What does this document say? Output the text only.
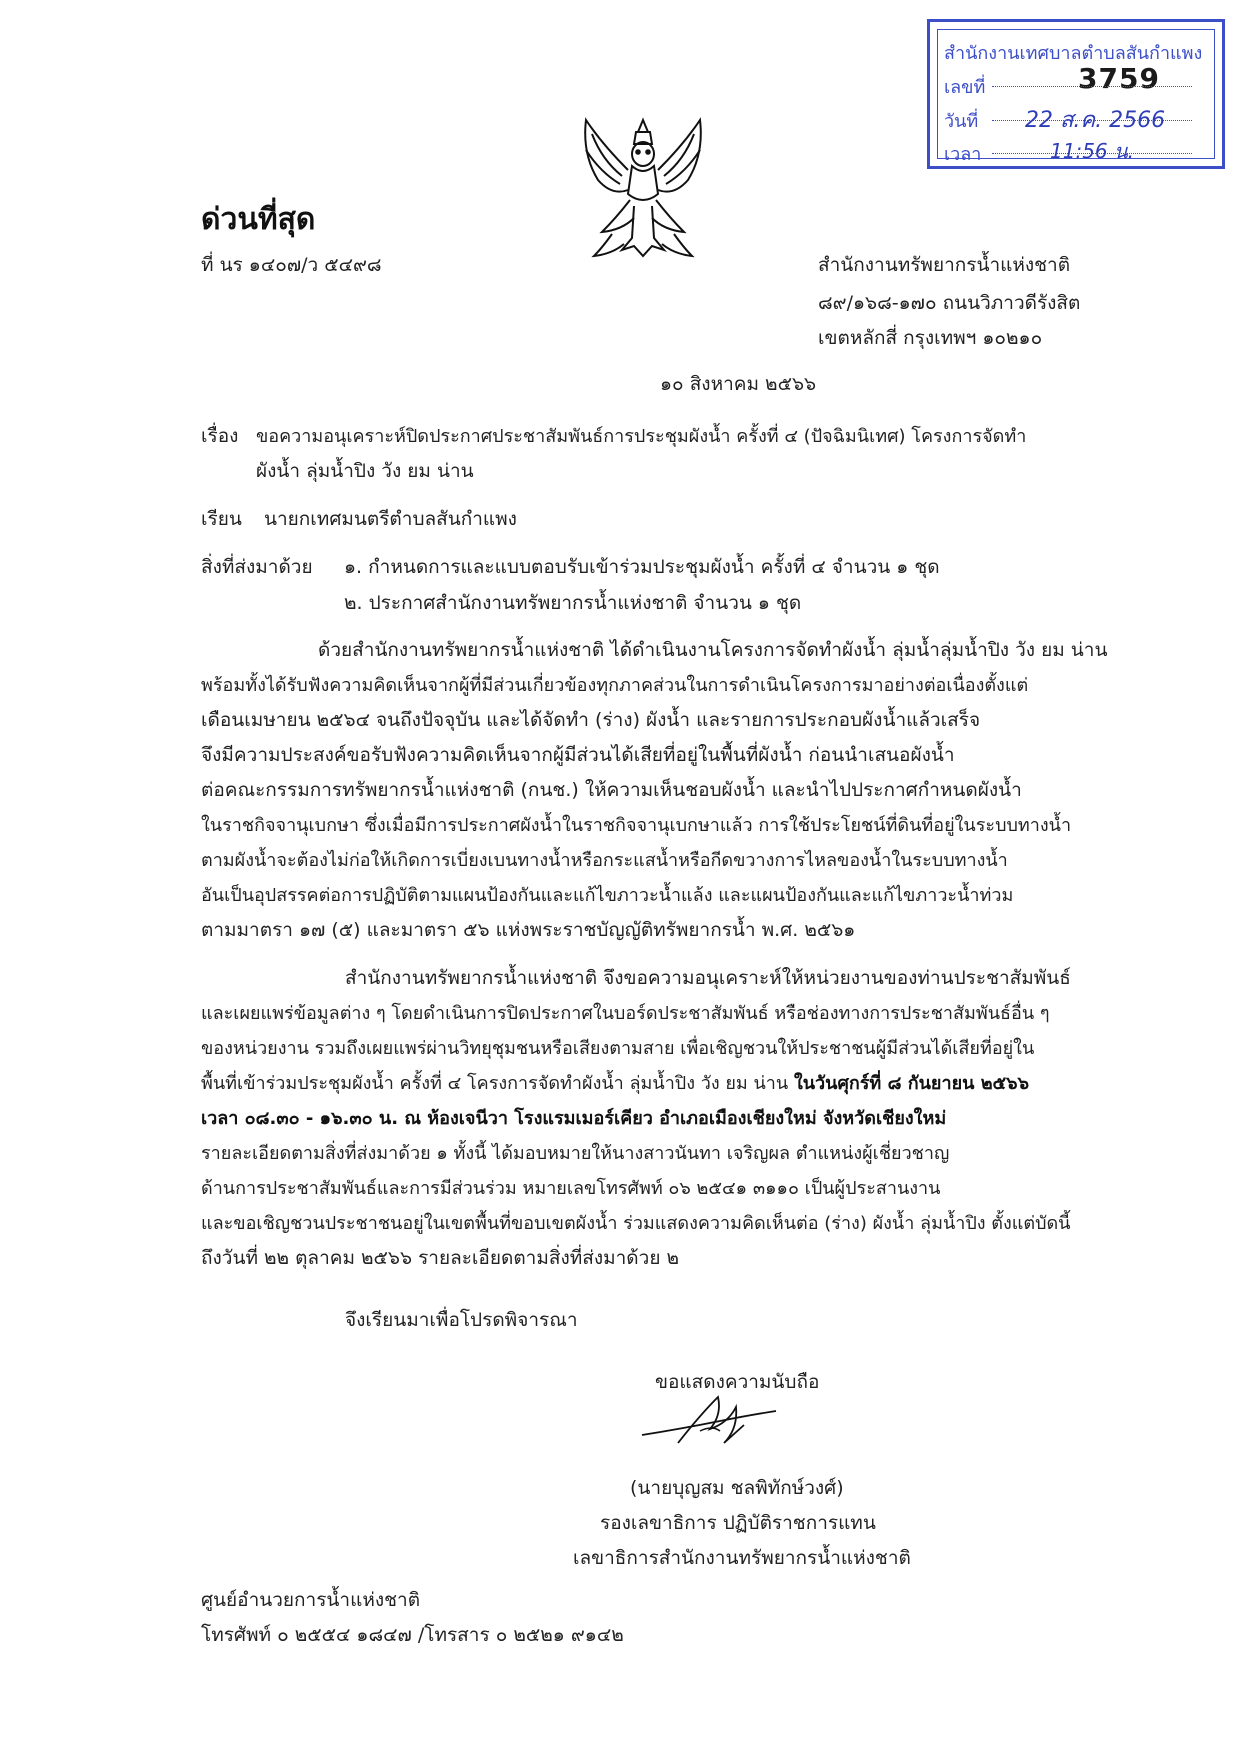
สำนักงานเทศบาลตำบลสันกำแพง
เลขที่	3759
วันที่ 22 ส.ค. 2566
เวลา	11:56 น.
ด่วนที่สุด
ที่ นร ๑๔๐๗/ว ๕๔๙๘	สำนักงานทรัพยากรน้ำแห่งชาติ
๘๙/๑๖๘-๑๗๐ ถนนวิภาวดีรังสิต
เขตหลักสี่ กรุงเทพฯ ๑๐๒๑๐
๑๐ สิงหาคม ๒๕๖๖
เรื่อง ขอความอนุเคราะห์ปิดประกาศประชาสัมพันธ์การประชุมผังน้ำ ครั้งที่ ๔ (ปัจฉิมนิเทศ) โครงการจัดทำ
ผังน้ำ ลุ่มน้ำปิง วัง ยม น่าน
เรียน นายกเทศมนตรีตำบลสันกำแพง
สิ่งที่ส่งมาด้วย ๑. กำหนดการและแบบตอบรับเข้าร่วมประชุมผังน้ำ ครั้งที่ ๔ จำนวน ๑ ชุด
๒. ประกาศสำนักงานทรัพยากรน้ำแห่งชาติ จำนวน ๑ ชุด
ด้วยสำนักงานทรัพยากรน้ำแห่งชาติ ได้ดำเนินงานโครงการจัดทำผังน้ำ ลุ่มน้ำลุ่มน้ำปิง วัง ยม น่าน
พร้อมทั้งได้รับฟังความคิดเห็นจากผู้ที่มีส่วนเกี่ยวข้องทุกภาคส่วนในการดำเนินโครงการมาอย่างต่อเนื่องตั้งแต่
เดือนเมษายน ๒๕๖๔ จนถึงปัจจุบัน และได้จัดทำ (ร่าง) ผังน้ำ และรายการประกอบผังน้ำแล้วเสร็จ
จึงมีความประสงค์ขอรับฟังความคิดเห็นจากผู้มีส่วนได้เสียที่อยู่ในพื้นที่ผังน้ำ ก่อนนำเสนอผังน้ำ
ต่อคณะกรรมการทรัพยากรน้ำแห่งชาติ (กนช.) ให้ความเห็นชอบผังน้ำ และนำไปประกาศกำหนดผังน้ำ
ในราชกิจจานุเบกษา ซึ่งเมื่อมีการประกาศผังน้ำในราชกิจจานุเบกษาแล้ว การใช้ประโยชน์ที่ดินที่อยู่ในระบบทางน้ำ
ตามผังน้ำจะต้องไม่ก่อให้เกิดการเบี่ยงเบนทางน้ำหรือกระแสน้ำหรือกีดขวางการไหลของน้ำในระบบทางน้ำ
อันเป็นอุปสรรคต่อการปฏิบัติตามแผนป้องกันและแก้ไขภาวะน้ำแล้ง และแผนป้องกันและแก้ไขภาวะน้ำท่วม
ตามมาตรา ๑๗ (๕) และมาตรา ๕๖ แห่งพระราชบัญญัติทรัพยากรน้ำ พ.ศ. ๒๕๖๑
สำนักงานทรัพยากรน้ำแห่งชาติ จึงขอความอนุเคราะห์ให้หน่วยงานของท่านประชาสัมพันธ์
และเผยแพร่ข้อมูลต่าง ๆ โดยดำเนินการปิดประกาศในบอร์ดประชาสัมพันธ์ หรือช่องทางการประชาสัมพันธ์อื่น ๆ
ของหน่วยงาน รวมถึงเผยแพร่ผ่านวิทยุชุมชนหรือเสียงตามสาย เพื่อเชิญชวนให้ประชาชนผู้มีส่วนได้เสียที่อยู่ใน
พื้นที่เข้าร่วมประชุมผังน้ำ ครั้งที่ ๔ โครงการจัดทำผังน้ำ ลุ่มน้ำปิง วัง ยม น่าน ในวันศุกร์ที่ ๘ กันยายน ๒๕๖๖
เวลา ๐๘.๓๐ - ๑๖.๓๐ น. ณ ห้องเจนีวา โรงแรมเมอร์เคียว อำเภอเมืองเชียงใหม่ จังหวัดเชียงใหม่
รายละเอียดตามสิ่งที่ส่งมาด้วย ๑ ทั้งนี้ ได้มอบหมายให้นางสาวนันทา เจริญผล ตำแหน่งผู้เชี่ยวชาญ
ด้านการประชาสัมพันธ์และการมีส่วนร่วม หมายเลขโทรศัพท์ ๐๖ ๒๕๔๑ ๓๑๑๐ เป็นผู้ประสานงาน
และขอเชิญชวนประชาชนอยู่ในเขตพื้นที่ขอบเขตผังน้ำ ร่วมแสดงความคิดเห็นต่อ (ร่าง) ผังน้ำ ลุ่มน้ำปิง ตั้งแต่บัดนี้
ถึงวันที่ ๒๒ ตุลาคม ๒๕๖๖ รายละเอียดตามสิ่งที่ส่งมาด้วย ๒
จึงเรียนมาเพื่อโปรดพิจารณา
ขอแสดงความนับถือ
(นายบุญสม ชลพิทักษ์วงศ์)
รองเลขาธิการ ปฏิบัติราชการแทน
เลขาธิการสำนักงานทรัพยากรน้ำแห่งชาติ
ศูนย์อำนวยการน้ำแห่งชาติ
โทรศัพท์ ๐ ๒๕๕๔ ๑๘๔๗ /โทรสาร ๐ ๒๕๒๑ ๙๑๔๒
